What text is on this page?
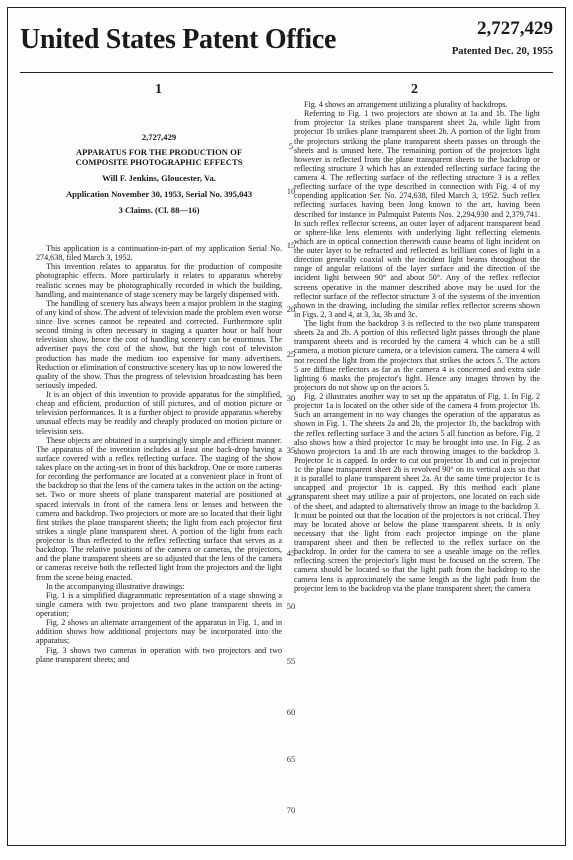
United States Patent Office	2,727,429
Patented Dec. 20, 1955
1	2
2,727,429
APPARATUS FOR THE PRODUCTION OF
COMPOSITE PHOTOGRAPHIC EFFECTS
Will F. Jenkins, Gloucester, Va.
Application November 30, 1953, Serial No. 395,043
3 Claims. (Cl. 88—16)

This application is a continuation-in-part of my application Serial No. 274,638, filed March 3, 1952.

This invention relates to apparatus for the production of composite photographic effects. More particularly it relates to apparatus whereby realistic scenes may be photographically recorded in which the building, handling, and maintenance of stage scenery may be largely dispensed with.

The handling of scenery has always been a major problem in the staging of any kind of show. The advent of television made the problem even worse since live scenes cannot be repeated and corrected. Furthermore split second timing is often necessary in staging a quarter hour or half hour television show, hence the cost of handling scenery can be enormous. The advertiser pays the cost of the show, but the high cost of television production has made the medium too expensive for many advertisers. Reduction or elimination of constructive scenery has up to now lowered the quality of the show. Thus the progress of television broadcasting has been seriously impeded.

It is an object of this invention to provide apparatus for the simplified, cheap and efficient, production of still pictures, and of motion picture or television performances. It is a further object to provide apparatus whereby unusual effects may be readily and cheaply produced on motion picture or television sets.

These objects are obtained in a surprisingly simple and efficient manner. The apparatus of the invention includes at least one back-drop having a surface covered with a reflex reflecting surface. The staging of the show takes place on the acting-set in front of this backdrop. One or more cameras for recording the performance are located at a convenient place in front of the backdrop so that the lens of the camera takes in the action on the acting-set. Two or more sheets of plane transparent material are positioned at spaced intervals in front of the camera lens or lenses and between the camera and backdrop. Two projectors or more are so located that their light first strikes the plane transparent sheets; the light from each projector first strikes a single plane transparent sheet. A portion of the light from each projector is thus reflected to the reflex reflecting surface that serves as a backdrop. The relative positions of the camera or cameras, the projectors, and the plane transparent sheets are so adjusted that the lens of the camera or cameras receive both the reflected light from the projectors and the light from the scene being enacted.

In the accompanying illustrative drawings:

Fig. 1 is a simplified diagrammatic representation of a stage showing a single camera with two projectors and two plane transparent sheets in operation;

Fig. 2 shows an alternate arrangement of the apparatus in Fig. 1, and in addition shows how additional projectors may be incorporated into the apparatus;

Fig. 3 shows two cameras in operation with two projectors and two plane transparent sheets; and

Fig. 4 shows an arrangement utilizing a plurality of backdrops.

Referring to Fig. 1 two projectors are shown at 1a and 1b. The light from projector 1a strikes plane transparent sheet 2a, while light from projector 1b strikes plane transparent sheet 2b. A portion of the light from the projectors striking the plane transparent sheets passes on through the sheets and is unused here. The remaining portion of the projectors light however is reflected from the plane transparent sheets to the backdrop or reflecting structure 3 which has an extended reflecting surface facing the camera 4. The reflecting surface of the reflecting structure 3 is a reflex reflecting surface of the type described in connection with Fig. 4 of my copending application Ser. No. 274,638, filed March 3, 1952. Such reflex reflecting surfaces having been long known to the art, having been described for instance in Palmquist Patents Nos. 2,294,930 and 2,379,741. In such reflex reflector screens, an outer layer of adjacent transparent bead or sphere-like lens elements with underlying light reflecting elements which are in optical connection therewith cause beams of light incident on the outer layer to be refracted and reflected as brilliant cones of light in a direction generally coaxial with the incident light beams throughout the range of angular relations of the layer surface and the direction of the incident light between 90° and about 50°. Any of the reflex reflector screens operative in the manner described above may be used for the reflector surface of the reflector structure 3 of the systems of the invention shown in the drawing, including the similar reflex reflector screens shown in Figs. 2, 3 and 4, at 3, 3a, 3b and 3c.

The light from the backdrop 3 is reflected to the two plane transparent sheets 2a and 2b. A portion of this reflected light passes through the plane transparent sheets and is recorded by the camera 4 which can be a still camera, a motion picture camera, or a television camera. The camera 4 will not record the light from the projectors that strikes the actors 5. The actors 5 are diffuse reflectors as far as the camera 4 is concerned and extra side lighting 6 masks the projector's light. Hence any images thrown by the projectors do not show up on the actors 5.

Fig. 2 illustrates another way to set up the apparatus of Fig. 1. In Fig. 2 projector 1a is located on the other side of the camera 4 from projector 1b. Such an arrangement in no way changes the operation of the apparatus as shown in Fig. 1. The sheets 2a and 2b, the projector 1b, the backdrop with the reflex reflecting surface 3 and the actors 5 all function as before. Fig. 2 also shows how a third projector 1c may be brought into use. In Fig. 2 as shown projectors 1a and 1b are each throwing images to the backdrop 3. Projector 1c is capped. In order to cut out projector 1b and cut in projector 1c the plane transparent sheet 2b is revolved 90° on its vertical axis so that it is parallel to plane transparent sheet 2a. At the same time projector 1c is uncapped and projector 1b is capped. By this method each plane transparent sheet may utilize a pair of projectors, one located on each side of the sheet, and adapted to alternatively throw an image to the backdrop 3. It must be pointed out that the location of the projectors is not critical. They may be located above or below the plane transparent sheets. It is only necessary that the light from each projector impinge on the plane transparent sheet and then be reflected to the reflex surface on the backdrop. In order for the camera to see a useable image on the reflex reflecting screen the projector's light must be focused on the screen. The camera should be located so that the light path from the backdrop to the camera lens is approximately the same length as the light path from the projector lens to the backdrop via the plane transparent sheet; the camera

5
10
15
20
25
30
35
40
45
50
55
60
65
70
